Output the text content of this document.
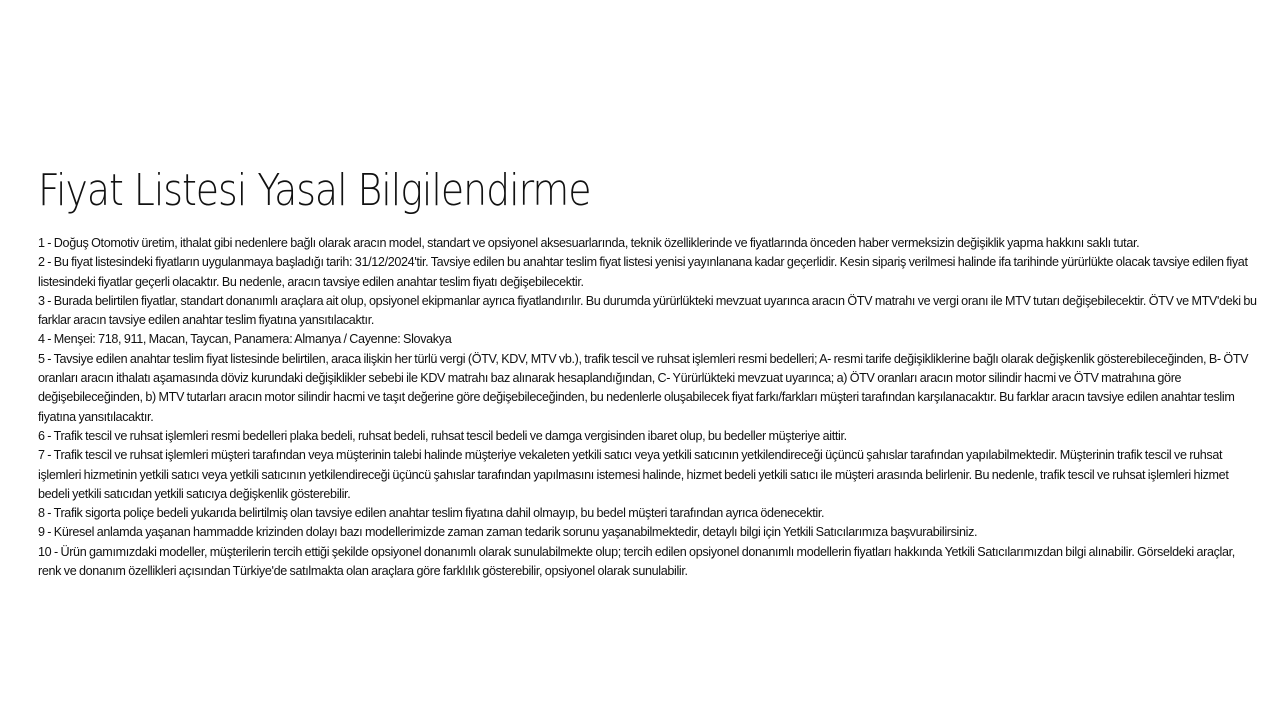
Fiyat Listesi Yasal Bilgilendirme
1 - Doğuş Otomotiv üretim, ithalat gibi nedenlere bağlı olarak aracın model, standart ve opsiyonel aksesuarlarında, teknik özelliklerinde ve fiyatlarında önceden haber vermeksizin değişiklik yapma hakkını saklı tutar.
2 - Bu fiyat listesindeki fiyatların uygulanmaya başladığı tarih: 31/12/2024'tir. Tavsiye edilen bu anahtar teslim fiyat listesi yenisi yayınlanana kadar geçerlidir. Kesin sipariş verilmesi halinde ifa tarihinde yürürlükte olacak tavsiye edilen fiyat listesindeki fiyatlar geçerli olacaktır. Bu nedenle, aracın tavsiye edilen anahtar teslim fiyatı değişebilecektir.
3 - Burada belirtilen fiyatlar, standart donanımlı araçlara ait olup, opsiyonel ekipmanlar ayrıca fiyatlandırılır. Bu durumda yürürlükteki mevzuat uyarınca aracın ÖTV matrahı ve vergi oranı ile MTV tutarı değişebilecektir. ÖTV ve MTV'deki bu farklar aracın tavsiye edilen anahtar teslim fiyatına yansıtılacaktır.
4 - Menşei: 718, 911, Macan, Taycan, Panamera: Almanya / Cayenne: Slovakya
5 - Tavsiye edilen anahtar teslim fiyat listesinde belirtilen, araca ilişkin her türlü vergi (ÖTV, KDV, MTV vb.), trafik tescil ve ruhsat işlemleri resmi bedelleri; A- resmi tarife değişikliklerine bağlı olarak değişkenlik gösterebileceğinden, B- ÖTV oranları aracın ithalatı aşamasında döviz kurundaki değişiklikler sebebi ile KDV matrahı baz alınarak hesaplandığından, C- Yürürlükteki mevzuat uyarınca; a) ÖTV oranları aracın motor silindir hacmi ve ÖTV matrahına göre değişebileceğinden, b) MTV tutarları aracın motor silindir hacmi ve taşıt değerine göre değişebileceğinden, bu nedenlerle oluşabilecek fiyat farkı/farkları müşteri tarafından karşılanacaktır. Bu farklar aracın tavsiye edilen anahtar teslim fiyatına yansıtılacaktır.
6 - Trafik tescil ve ruhsat işlemleri resmi bedelleri plaka bedeli, ruhsat bedeli, ruhsat tescil bedeli ve damga vergisinden ibaret olup, bu bedeller müşteriye aittir.
7 - Trafik tescil ve ruhsat işlemleri müşteri tarafından veya müşterinin talebi halinde müşteriye vekaleten yetkili satıcı veya yetkili satıcının yetkilendireceği üçüncü şahıslar tarafından yapılabilmektedir. Müşterinin trafik tescil ve ruhsat işlemleri hizmetinin yetkili satıcı veya yetkili satıcının yetkilendireceği üçüncü şahıslar tarafından yapılmasını istemesi halinde, hizmet bedeli yetkili satıcı ile müşteri arasında belirlenir. Bu nedenle, trafik tescil ve ruhsat işlemleri hizmet bedeli yetkili satıcıdan yetkili satıcıya değişkenlik gösterebilir.
8 - Trafik sigorta poliçe bedeli yukarıda belirtilmiş olan tavsiye edilen anahtar teslim fiyatına dahil olmayıp, bu bedel müşteri tarafından ayrıca ödenecektir.
9 - Küresel anlamda yaşanan hammadde krizinden dolayı bazı modellerimizde zaman zaman tedarik sorunu yaşanabilmektedir, detaylı bilgi için Yetkili Satıcılarımıza başvurabilirsiniz.
10 - Ürün gamımızdaki modeller, müşterilerin tercih ettiği şekilde opsiyonel donanımlı olarak sunulabilmekte olup; tercih edilen opsiyonel donanımlı modellerin fiyatları hakkında Yetkili Satıcılarımızdan bilgi alınabilir. Görseldeki araçlar, renk ve donanım özellikleri açısından Türkiye'de satılmakta olan araçlara göre farklılık gösterebilir, opsiyonel olarak sunulabilir.
